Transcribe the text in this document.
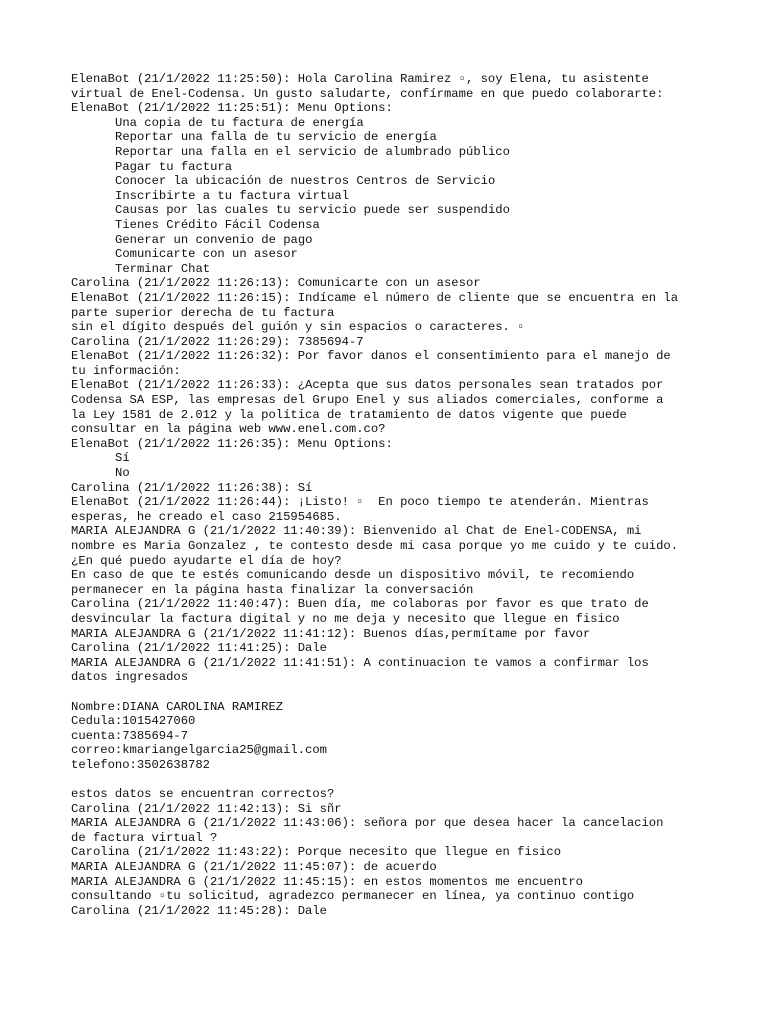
ElenaBot (21/1/2022 11:25:50): Hola Carolina Ramirez ▫, soy Elena, tu asistente
virtual de Enel-Codensa. Un gusto saludarte, confírmame en que puedo colaborarte:
ElenaBot (21/1/2022 11:25:51): Menu Options:
Una copia de tu factura de energía
Reportar una falla de tu servicio de energía
Reportar una falla en el servicio de alumbrado público
Pagar tu factura
Conocer la ubicación de nuestros Centros de Servicio
Inscribirte a tu factura virtual
Causas por las cuales tu servicio puede ser suspendido
Tienes Crédito Fácil Codensa
Generar un convenio de pago
Comunicarte con un asesor
Terminar Chat
Carolina (21/1/2022 11:26:13): Comunicarte con un asesor
ElenaBot (21/1/2022 11:26:15): Indícame el número de cliente que se encuentra en la
parte superior derecha de tu factura
sin el dígito después del guión y sin espacios o caracteres. ▫
Carolina (21/1/2022 11:26:29): 7385694-7
ElenaBot (21/1/2022 11:26:32): Por favor danos el consentimiento para el manejo de
tu información:
ElenaBot (21/1/2022 11:26:33): ¿Acepta que sus datos personales sean tratados por
Codensa SA ESP, las empresas del Grupo Enel y sus aliados comerciales, conforme a
la Ley 1581 de 2.012 y la política de tratamiento de datos vigente que puede
consultar en la página web www.enel.com.co?
ElenaBot (21/1/2022 11:26:35): Menu Options:
Sí
No
Carolina (21/1/2022 11:26:38): Sí
ElenaBot (21/1/2022 11:26:44): ¡Listo! ▫  En poco tiempo te atenderán. Mientras
esperas, he creado el caso 215954685.
MARIA ALEJANDRA G (21/1/2022 11:40:39): Bienvenido al Chat de Enel-CODENSA, mi
nombre es Maria Gonzalez , te contesto desde mi casa porque yo me cuido y te cuido.
¿En qué puedo ayudarte el día de hoy?
En caso de que te estés comunicando desde un dispositivo móvil, te recomiendo
permanecer en la página hasta finalizar la conversación
Carolina (21/1/2022 11:40:47): Buen día, me colaboras por favor es que trato de
desvincular la factura digital y no me deja y necesito que llegue en fisico
MARIA ALEJANDRA G (21/1/2022 11:41:12): Buenos días,permítame por favor
Carolina (21/1/2022 11:41:25): Dale
MARIA ALEJANDRA G (21/1/2022 11:41:51): A continuacion te vamos a confirmar los
datos ingresados
Nombre:DIANA CAROLINA RAMIREZ
Cedula:1015427060
cuenta:7385694-7
correo:kmariangelgarcia25@gmail.com
telefono:3502638782
estos datos se encuentran correctos?
Carolina (21/1/2022 11:42:13): Si sñr
MARIA ALEJANDRA G (21/1/2022 11:43:06): señora por que desea hacer la cancelacion
de factura virtual ?
Carolina (21/1/2022 11:43:22): Porque necesito que llegue en fisico
MARIA ALEJANDRA G (21/1/2022 11:45:07): de acuerdo
MARIA ALEJANDRA G (21/1/2022 11:45:15): en estos momentos me encuentro
consultando ▫tu solicitud, agradezco permanecer en línea, ya continuo contigo
Carolina (21/1/2022 11:45:28): Dale
